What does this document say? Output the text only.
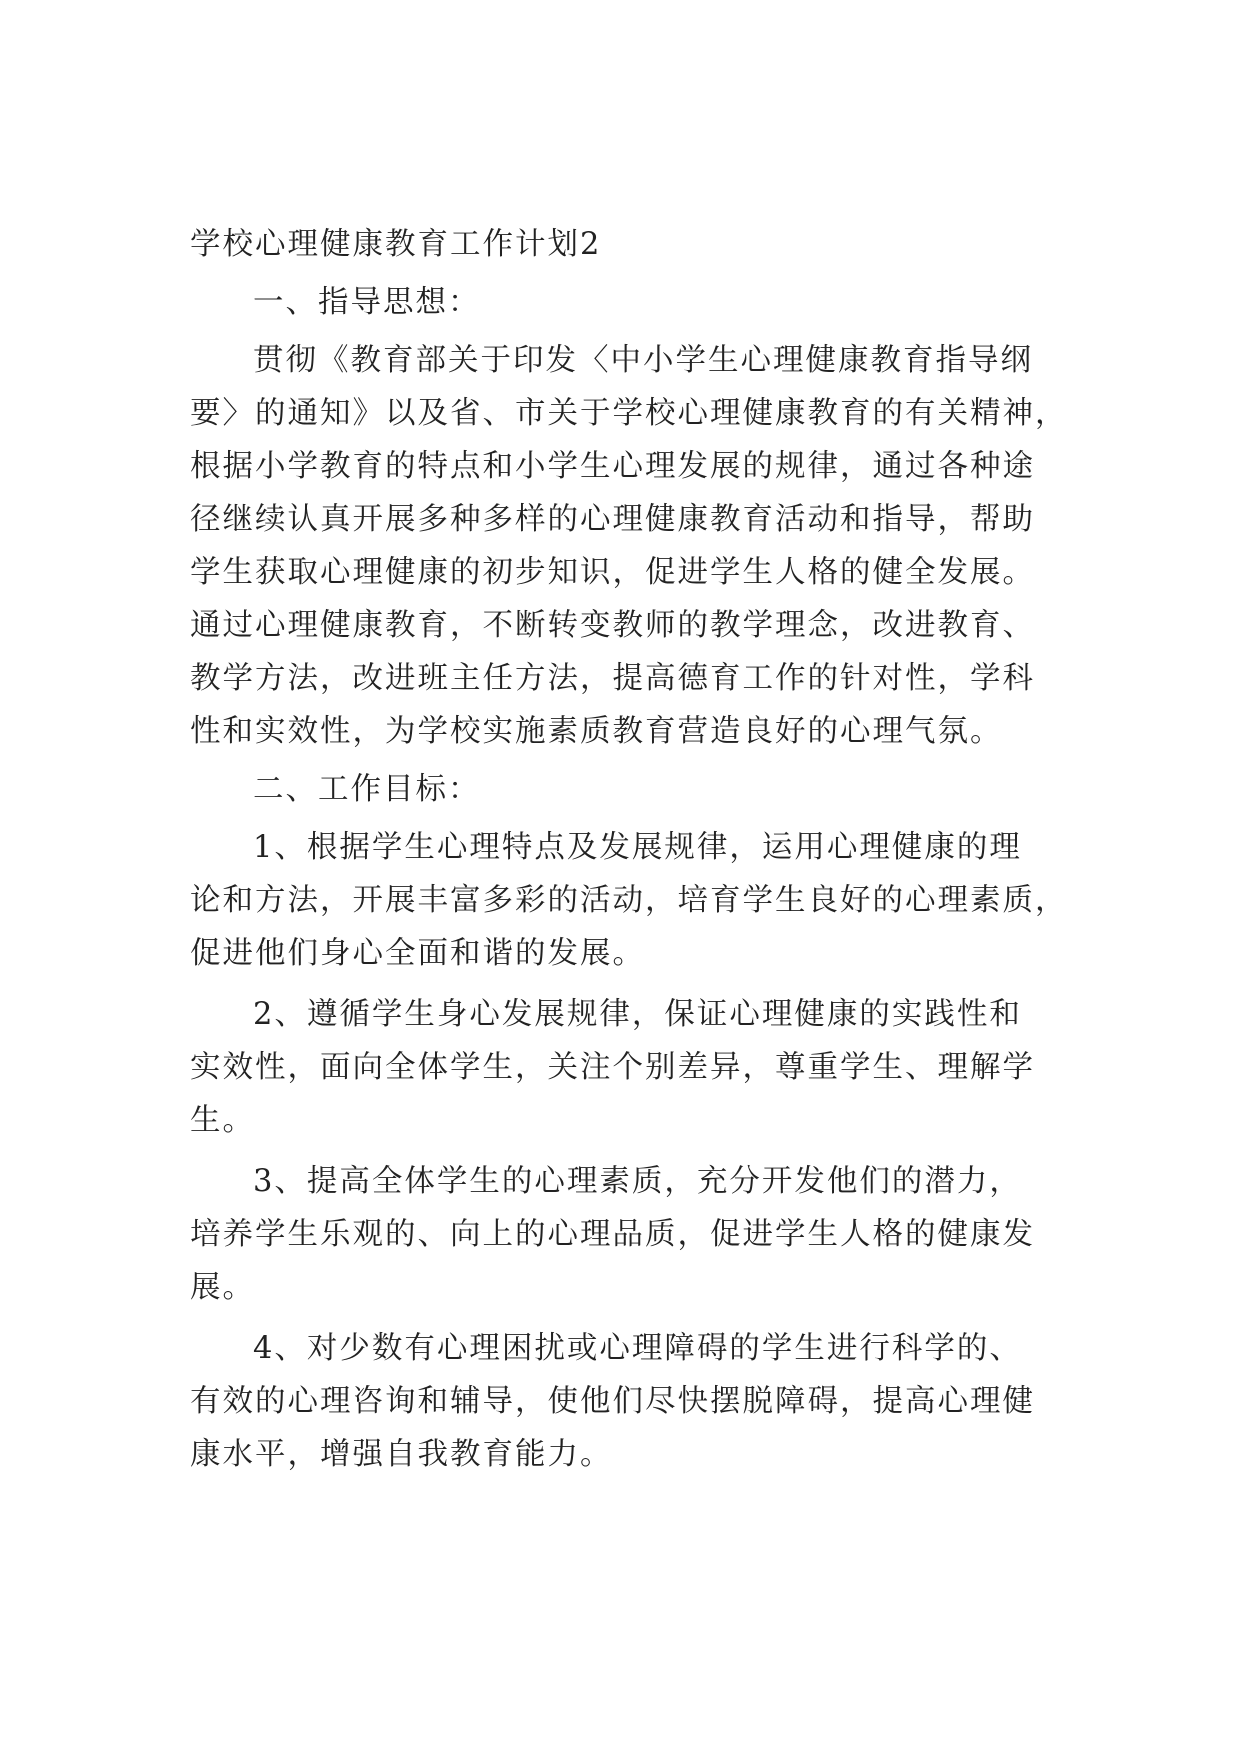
学校心理健康教育工作计划2
一、指导思想：
贯彻《教育部关于印发〈中小学生心理健康教育指导纲
要〉的通知》以及省、市关于学校心理健康教育的有关精神，
根据小学教育的特点和小学生心理发展的规律，通过各种途
径继续认真开展多种多样的心理健康教育活动和指导，帮助
学生获取心理健康的初步知识，促进学生人格的健全发展。
通过心理健康教育，不断转变教师的教学理念，改进教育、
教学方法，改进班主任方法，提高德育工作的针对性，学科
性和实效性，为学校实施素质教育营造良好的心理气氛。
二、工作目标：
1、根据学生心理特点及发展规律，运用心理健康的理
论和方法，开展丰富多彩的活动，培育学生良好的心理素质，
促进他们身心全面和谐的发展。
2、遵循学生身心发展规律，保证心理健康的实践性和
实效性，面向全体学生，关注个别差异，尊重学生、理解学
生。
3、提高全体学生的心理素质，充分开发他们的潜力，
培养学生乐观的、向上的心理品质，促进学生人格的健康发
展。
4、对少数有心理困扰或心理障碍的学生进行科学的、
有效的心理咨询和辅导，使他们尽快摆脱障碍，提高心理健
康水平，增强自我教育能力。
